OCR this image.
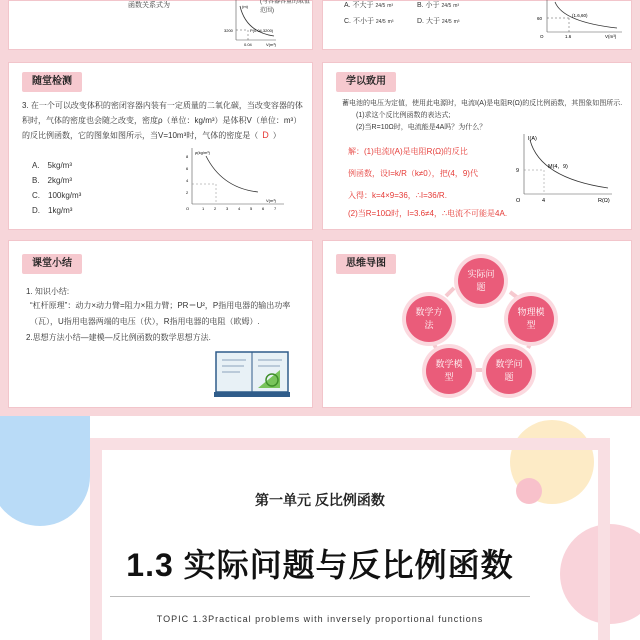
函数关系式为	(与容器容量的取值范围)
(m)
P(0.04,3200)
3200
0.04	V(m³)
A. 不大于 24/5 m³	B. 小于 24/5 m³
C. 不小于 24/5 m³	D. 大于 24/5 m³
(1.6,60)
60
O	1.6	V(m³)
随堂检测
3. 在一个可以改变体积的密闭容器内装有一定质量的二氧化碳，当改变容器的体积时，气体的密度也会随之改变，密度ρ（单位：kg/m³）是体积V（单位：m³）的反比例函数，它的图象如图所示，当V=10m³时，气体的密度是（ D ）
A.　5kg/m³
B.　2kg/m³
C.　100kg/m³
D.　1kg/m³
ρ(kg/m³)
O	1 2 3 4 5 6 7
V(m³)
2
4
6
8
学以致用
蓄电池的电压为定值，使用此电源时，电流I(A)是电阻R(Ω)的反比例函数，其图象如图所示.
(1)求这个反比例函数的表达式;
(2)当R=10Ω时，电流能是4A吗？为什么？
解：(1)电流I(A)是电阻R(Ω)的反比
例函数，设I=k/R（k≠0），把(4，9)代
入得：k=4×9=36，∴I=36/R.
(2)当R=10Ω时，I=3.6≠4，∴电流不可能是4A.
I(A)
M(4，9)
9
O	4	R(Ω)
课堂小结
1. 知识小结:
“杠杆原理”：动力×动力臂=阻力×阻力臂；PR＝U²，P指用电器的输出功率
（瓦），U指用电器两端的电压（伏），R指用电器的电阻（欧姆）.
2.思想方法小结—建模—反比例函数的数学思想方法.
思维导图
实际问题
物理模型
数学问题
数学模型
数学方法
第一单元 反比例函数
1.3 实际问题与反比例函数
TOPIC 1.3Practical problems with inversely proportional functions
